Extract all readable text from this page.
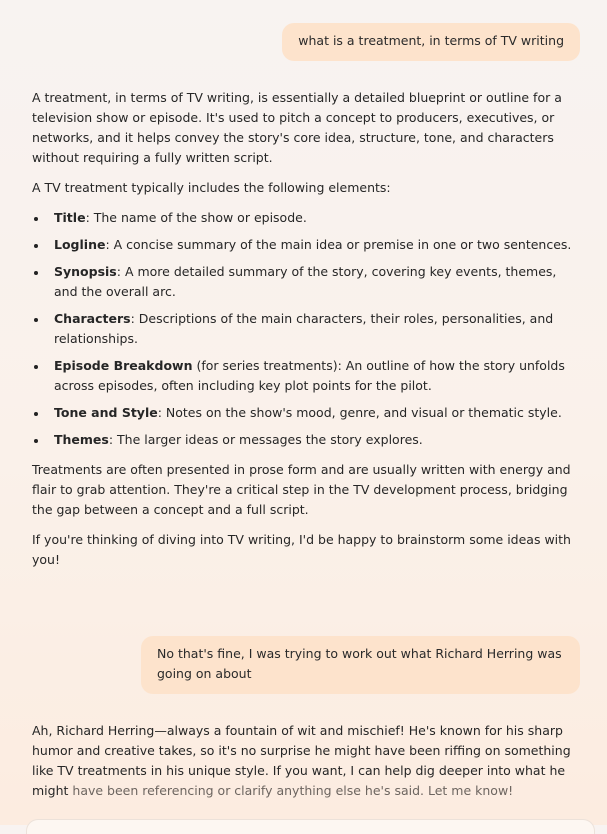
what is a treatment, in terms of TV writing

A treatment, in terms of TV writing, is essentially a detailed blueprint or outline for a television show or episode. It's used to pitch a concept to producers, executives, or networks, and it helps convey the story's core idea, structure, tone, and characters without requiring a fully written script.

A TV treatment typically includes the following elements:

Title: The name of the show or episode.
Logline: A concise summary of the main idea or premise in one or two sentences.
Synopsis: A more detailed summary of the story, covering key events, themes, and the overall arc.
Characters: Descriptions of the main characters, their roles, personalities, and relationships.
Episode Breakdown (for series treatments): An outline of how the story unfolds across episodes, often including key plot points for the pilot.
Tone and Style: Notes on the show's mood, genre, and visual or thematic style.
Themes: The larger ideas or messages the story explores.

Treatments are often presented in prose form and are usually written with energy and flair to grab attention. They're a critical step in the TV development process, bridging the gap between a concept and a full script.

If you're thinking of diving into TV writing, I'd be happy to brainstorm some ideas with you!

No that's fine, I was trying to work out what Richard Herring was going on about

Ah, Richard Herring—always a fountain of wit and mischief! He's known for his sharp humor and creative takes, so it's no surprise he might have been riffing on something like TV treatments in his unique style. If you want, I can help dig deeper into what he might have been referencing or clarify anything else he's said. Let me know!
